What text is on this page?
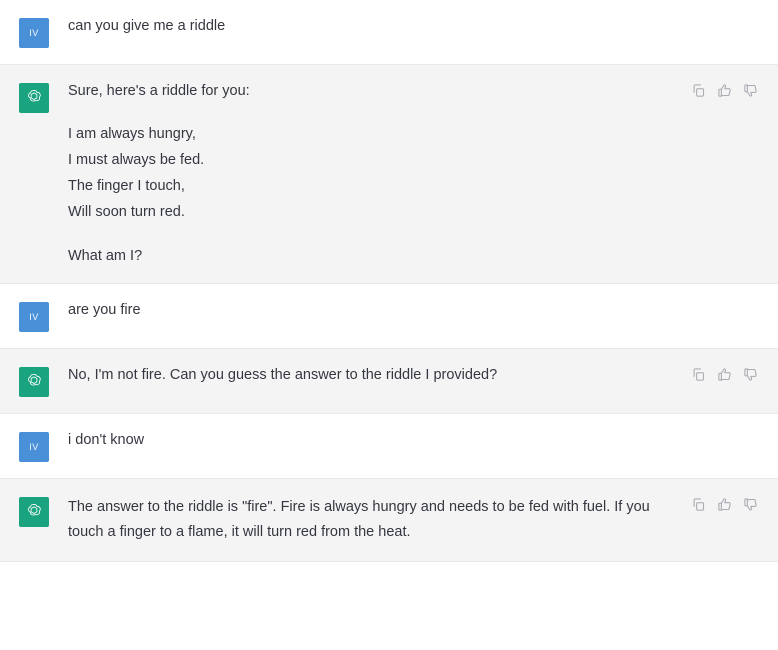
IV can you give me a riddle
Sure, here's a riddle for you:
I am always hungry,
I must always be fed.
The finger I touch,
Will soon turn red.
What am I?
IV are you fire
No, I'm not fire. Can you guess the answer to the riddle I provided?
IV i don't know
The answer to the riddle is "fire". Fire is always hungry and needs to be fed with fuel. If you
touch a finger to a flame, it will turn red from the heat.
